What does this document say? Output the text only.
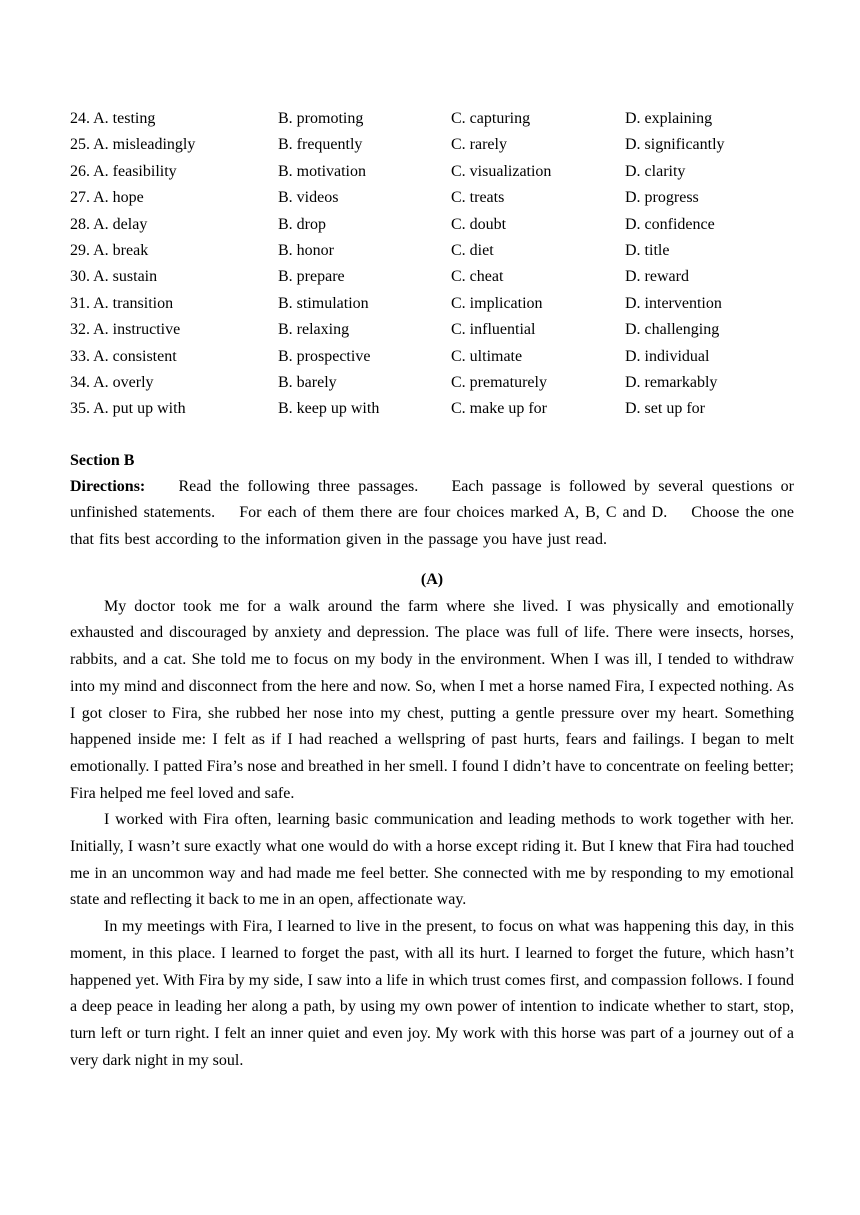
24. A. testing	B. promoting	C. capturing	D. explaining
25. A. misleadingly	B. frequently	C. rarely	D. significantly
26. A. feasibility	B. motivation	C. visualization	D. clarity
27. A. hope	B. videos	C. treats	D. progress
28. A. delay	B. drop	C. doubt	D. confidence
29. A. break	B. honor	C. diet	D. title
30. A. sustain	B. prepare	C. cheat	D. reward
31. A. transition	B. stimulation	C. implication	D. intervention
32. A. instructive	B. relaxing	C. influential	D. challenging
33. A. consistent	B. prospective	C. ultimate	D. individual
34. A. overly	B. barely	C. prematurely	D. remarkably
35. A. put up with	B. keep up with	C. make up for	D. set up for
Section B
Directions: Read the following three passages.    Each passage is followed by several questions or unfinished statements.    For each of them there are four choices marked A, B, C and D.    Choose the one that fits best according to the information given in the passage you have just read.
(A)

My doctor took me for a walk around the farm where she lived. I was physically and emotionally exhausted and discouraged by anxiety and depression. The place was full of life. There were insects, horses, rabbits, and a cat. She told me to focus on my body in the environment. When I was ill, I tended to withdraw into my mind and disconnect from the here and now. So, when I met a horse named Fira, I expected nothing. As I got closer to Fira, she rubbed her nose into my chest, putting a gentle pressure over my heart. Something happened inside me: I felt as if I had reached a wellspring of past hurts, fears and failings. I began to melt emotionally. I patted Fira’s nose and breathed in her smell. I found I didn’t have to concentrate on feeling better; Fira helped me feel loved and safe.

I worked with Fira often, learning basic communication and leading methods to work together with her. Initially, I wasn’t sure exactly what one would do with a horse except riding it. But I knew that Fira had touched me in an uncommon way and had made me feel better. She connected with me by responding to my emotional state and reflecting it back to me in an open, affectionate way.

In my meetings with Fira, I learned to live in the present, to focus on what was happening this day, in this moment, in this place. I learned to forget the past, with all its hurt. I learned to forget the future, which hasn’t happened yet. With Fira by my side, I saw into a life in which trust comes first, and compassion follows. I found a deep peace in leading her along a path, by using my own power of intention to indicate whether to start, stop, turn left or turn right. I felt an inner quiet and even joy. My work with this horse was part of a journey out of a very dark night in my soul.
